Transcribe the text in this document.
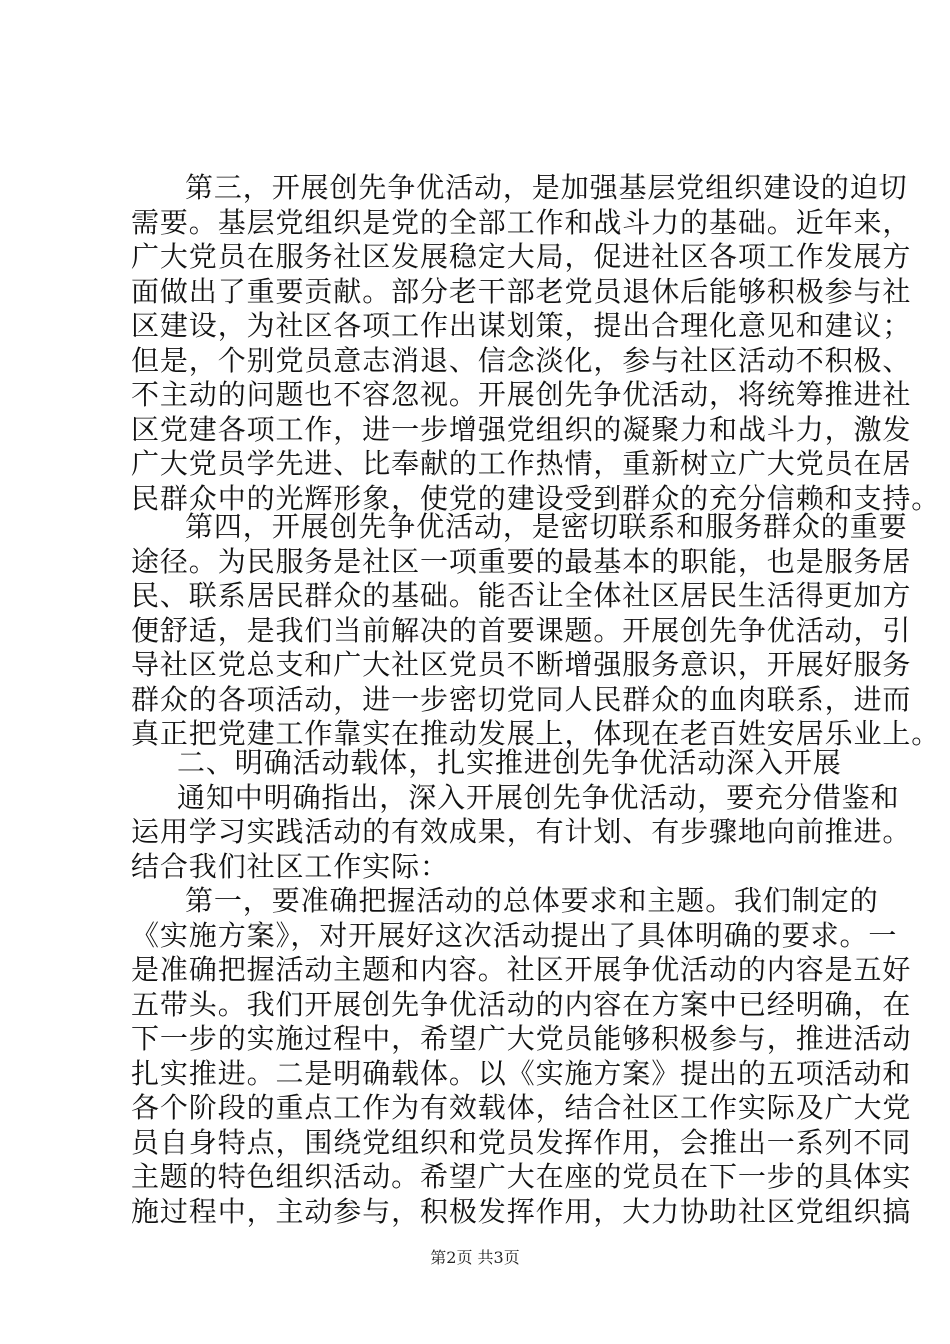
第三，开展创先争优活动，是加强基层党组织建设的迫切
需要。基层党组织是党的全部工作和战斗力的基础。近年来，
广大党员在服务社区发展稳定大局，促进社区各项工作发展方
面做出了重要贡献。部分老干部老党员退休后能够积极参与社
区建设，为社区各项工作出谋划策，提出合理化意见和建议；
但是，个别党员意志消退、信念淡化，参与社区活动不积极、
不主动的问题也不容忽视。开展创先争优活动，将统筹推进社
区党建各项工作，进一步增强党组织的凝聚力和战斗力，激发
广大党员学先进、比奉献的工作热情，重新树立广大党员在居
民群众中的光辉形象，使党的建设受到群众的充分信赖和支持。
第四，开展创先争优活动，是密切联系和服务群众的重要
途径。为民服务是社区一项重要的最基本的职能，也是服务居
民、联系居民群众的基础。能否让全体社区居民生活得更加方
便舒适，是我们当前解决的首要课题。开展创先争优活动，引
导社区党总支和广大社区党员不断增强服务意识，开展好服务
群众的各项活动，进一步密切党同人民群众的血肉联系，进而
真正把党建工作靠实在推动发展上，体现在老百姓安居乐业上。
二、明确活动载体，扎实推进创先争优活动深入开展
通知中明确指出，深入开展创先争优活动，要充分借鉴和
运用学习实践活动的有效成果，有计划、有步骤地向前推进。
结合我们社区工作实际：
第一，要准确把握活动的总体要求和主题。我们制定的
《实施方案》，对开展好这次活动提出了具体明确的要求。一
是准确把握活动主题和内容。社区开展争优活动的内容是五好
五带头。我们开展创先争优活动的内容在方案中已经明确，在
下一步的实施过程中，希望广大党员能够积极参与，推进活动
扎实推进。二是明确载体。以《实施方案》提出的五项活动和
各个阶段的重点工作为有效载体，结合社区工作实际及广大党
员自身特点，围绕党组织和党员发挥作用，会推出一系列不同
主题的特色组织活动。希望广大在座的党员在下一步的具体实
施过程中，主动参与，积极发挥作用，大力协助社区党组织搞
第2页 共3页
